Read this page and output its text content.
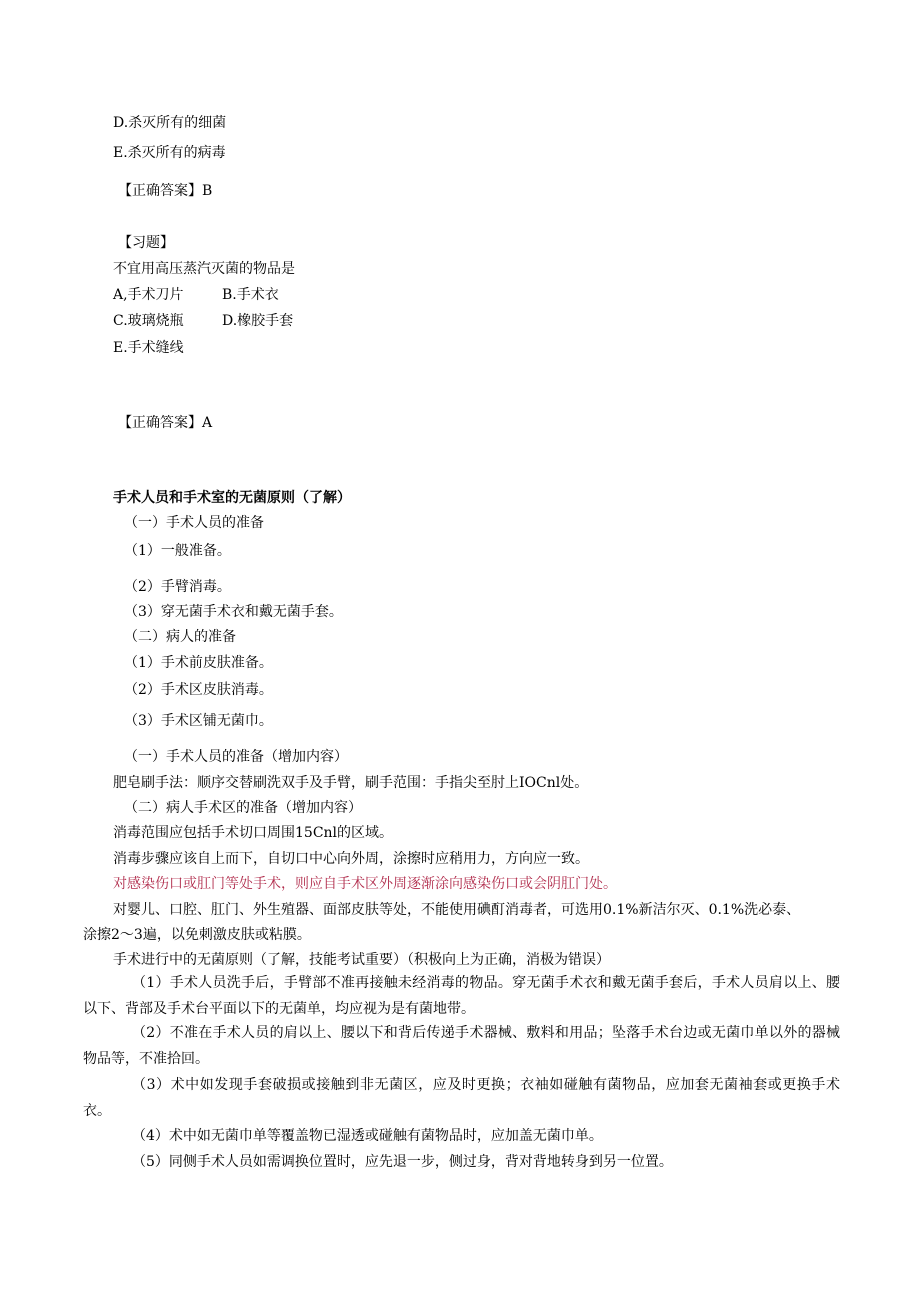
D.杀灭所有的细菌
E.杀灭所有的病毒
【正确答案】B
【习题】
不宜用高压蒸汽灭菌的物品是
A,手术刀片	B.手术衣
C.玻璃烧瓶	D.橡胶手套
E.手术缝线
【正确答案】A
手术人员和手术室的无菌原则（了解）
（一）手术人员的准备
（1）一般准备。
（2）手臂消毒。
（3）穿无菌手术衣和戴无菌手套。
（二）病人的准备
（1）手术前皮肤准备。
（2）手术区皮肤消毒。
（3）手术区铺无菌巾。
（一）手术人员的准备（增加内容）
肥皂刷手法：顺序交替刷洗双手及手臂，刷手范围：手指尖至肘上IOCnl处。
（二）病人手术区的准备（增加内容）
消毒范围应包括手术切口周围15Cnl的区域。
消毒步骤应该自上而下，自切口中心向外周，涂擦时应稍用力，方向应一致。
对感染伤口或肛门等处手术，则应自手术区外周逐渐涂向感染伤口或会阴肛门处。
对婴儿、口腔、肛门、外生殖器、面部皮肤等处，不能使用碘酊消毒者，可选用0.1%新洁尔灭、0.1%洗必泰、
涂擦2～3遍，以免刺激皮肤或粘膜。
手术进行中的无菌原则（了解，技能考试重要）（积极向上为正确，消极为错误）
（1）手术人员洗手后，手臂部不准再接触未经消毒的物品。穿无菌手术衣和戴无菌手套后，手术人员肩以上、腰以下、背部及手术台平面以下的无菌单，均应视为是有菌地带。
（2）不准在手术人员的肩以上、腰以下和背后传递手术器械、敷料和用品；坠落手术台边或无菌巾单以外的器械物品等，不准拾回。
（3）术中如发现手套破损或接触到非无菌区，应及时更换；衣袖如碰触有菌物品，应加套无菌袖套或更换手术衣。
（4）术中如无菌巾单等覆盖物已湿透或碰触有菌物品时，应加盖无菌巾单。
（5）同侧手术人员如需调换位置时，应先退一步，侧过身，背对背地转身到另一位置。
